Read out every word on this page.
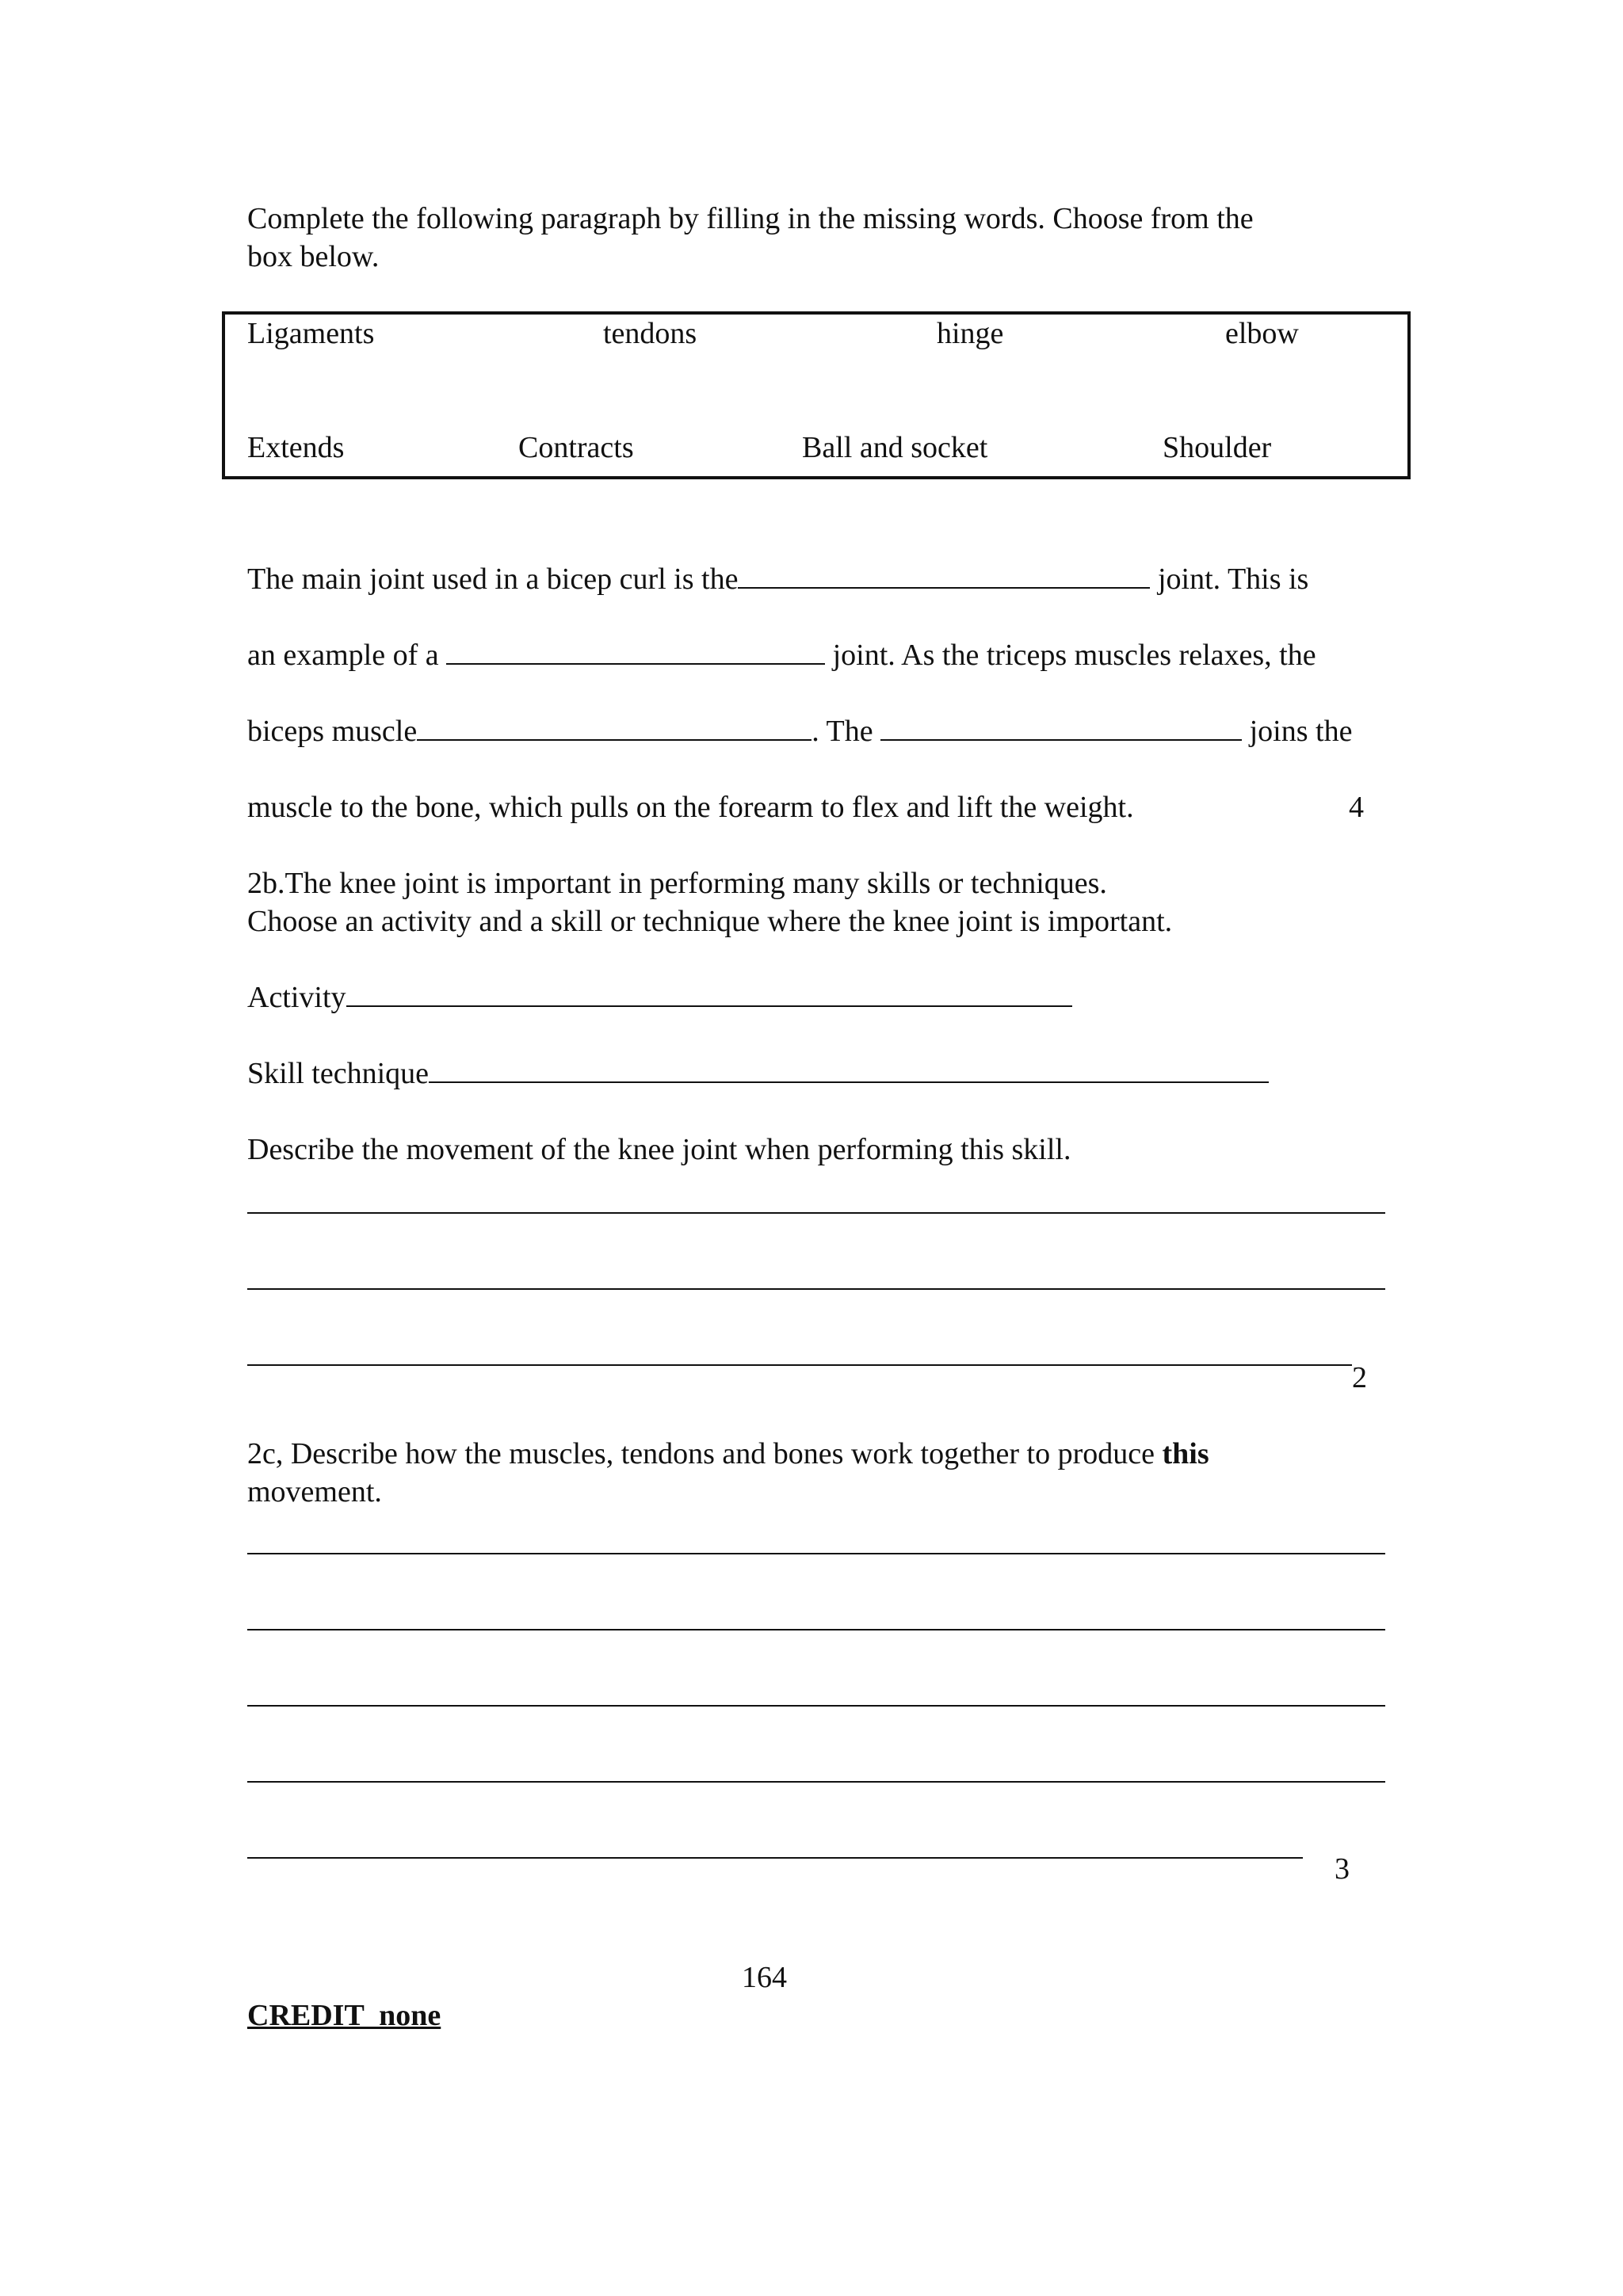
Complete the following paragraph by filling in the missing words. Choose from the
box below.
Ligaments	tendons	hinge	elbow
Extends	Contracts	Ball and socket	Shoulder
The main joint used in a bicep curl is the	joint. This is
an example of a	joint. As the triceps muscles relaxes, the
biceps muscle	. The	joins the
muscle to the bone, which pulls on the forearm to flex and lift the weight.	4
2b.The knee joint is important in performing many skills or techniques.
Choose an activity and a skill or technique where the knee joint is important.
Activity
Skill technique
Describe the movement of the knee joint when performing this skill.
2
2c, Describe how the muscles, tendons and bones work together to produce this
movement.
3
164
CREDIT  none
